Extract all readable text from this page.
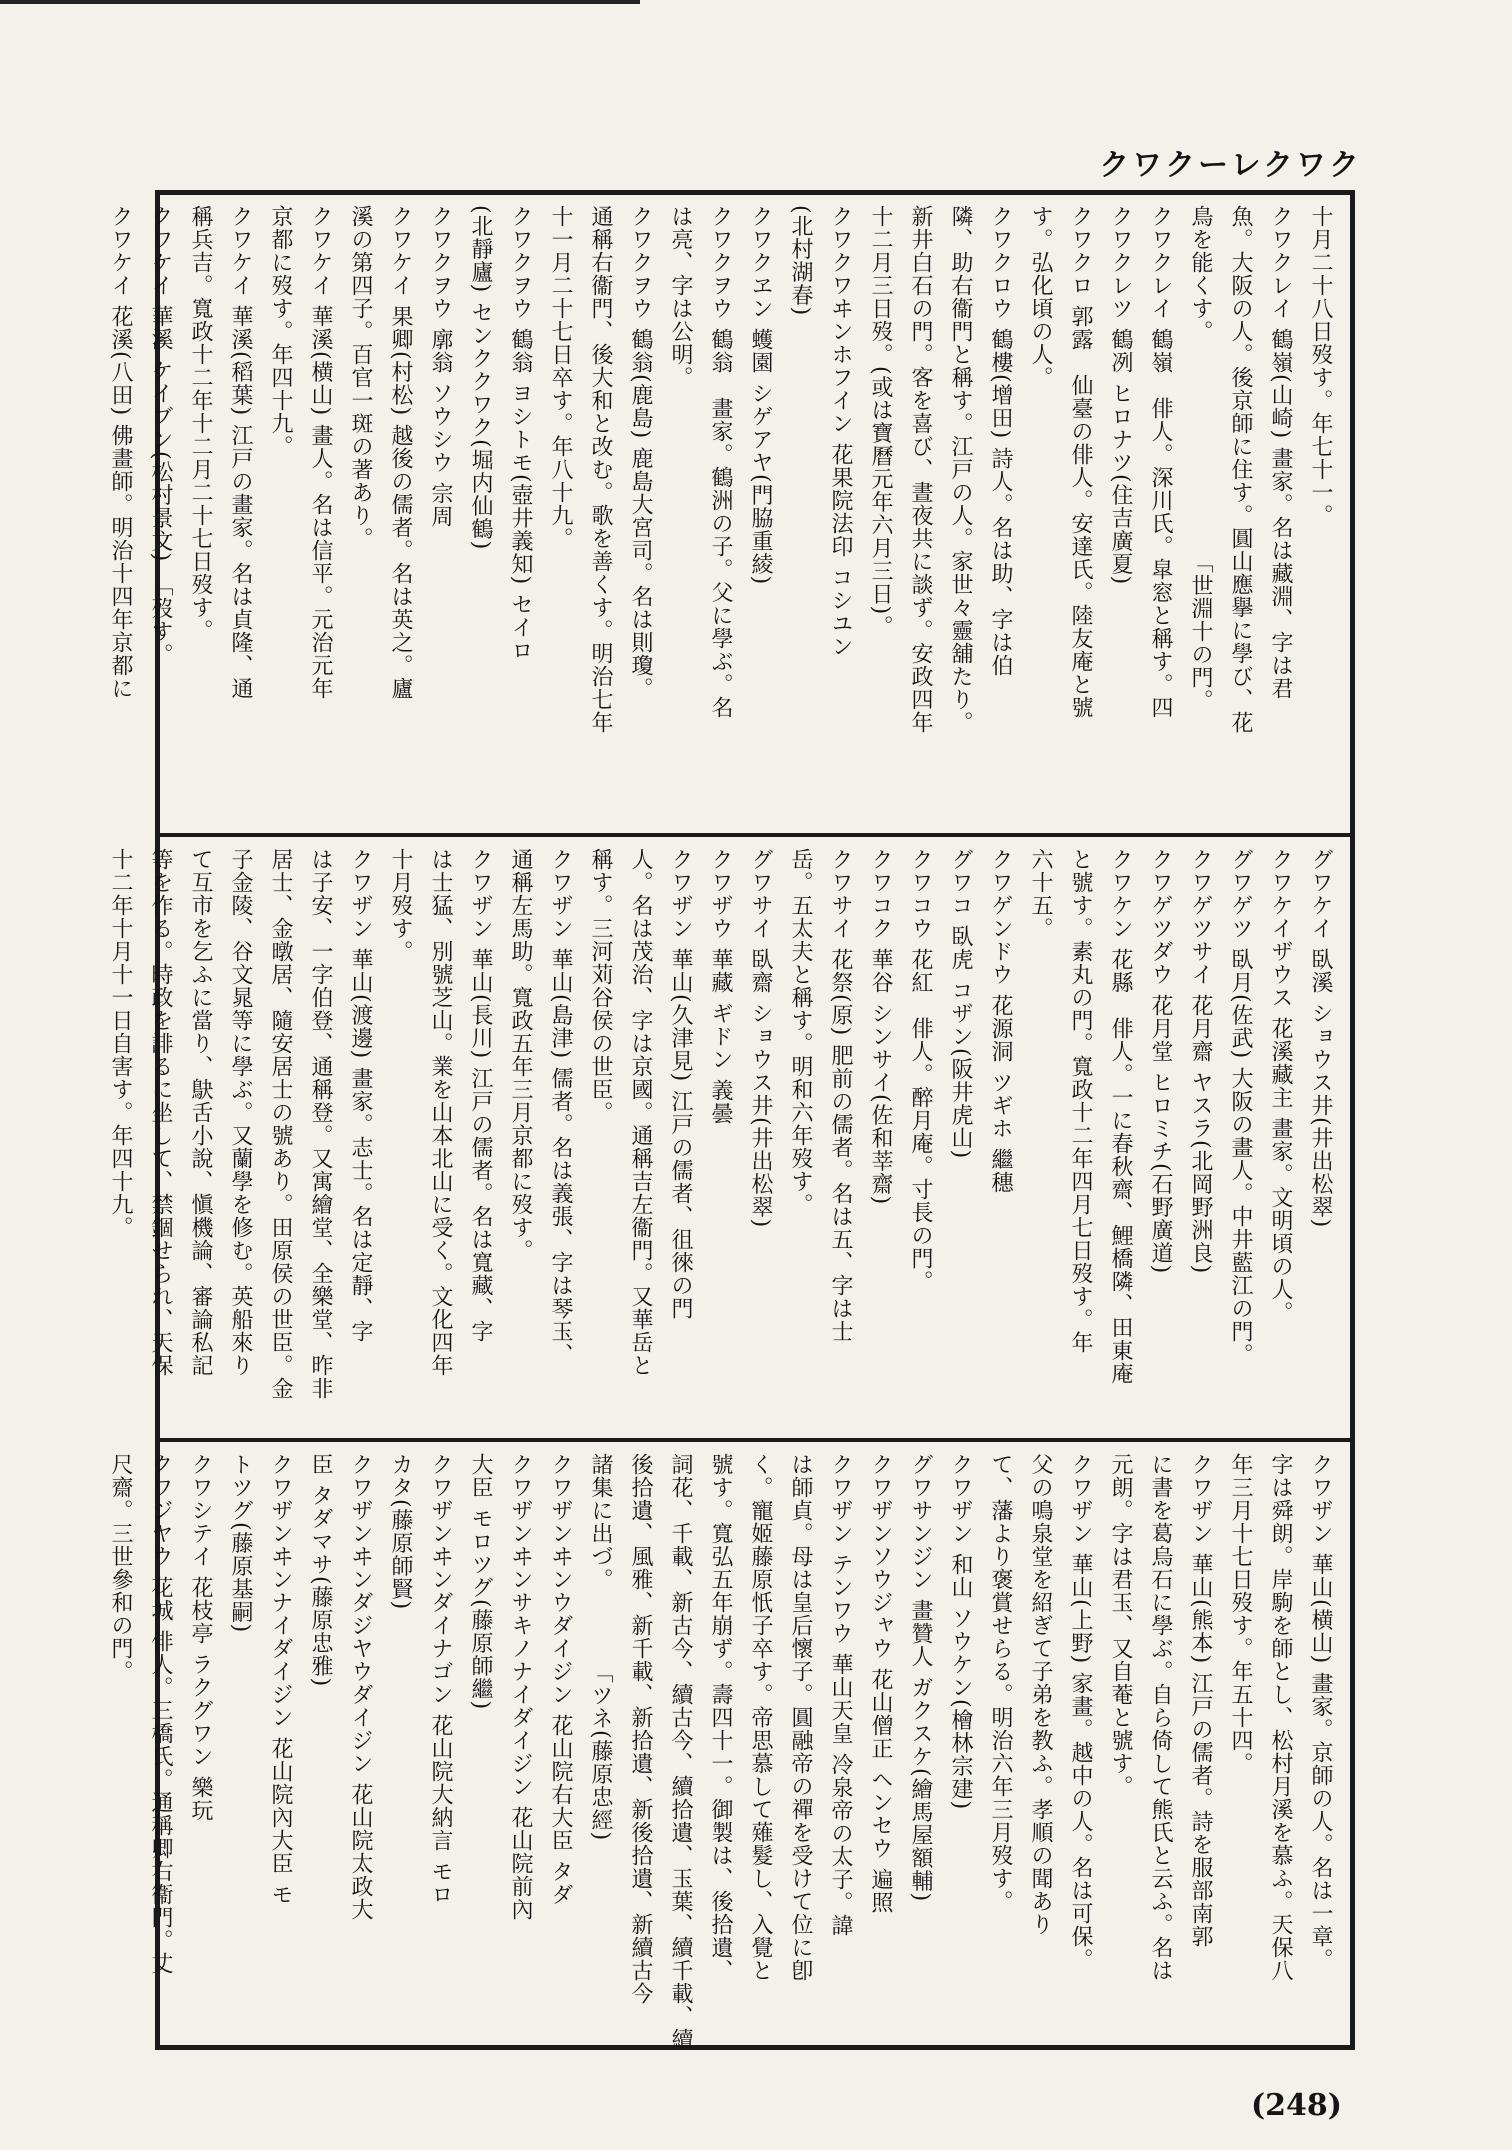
クワクーレクワク
十月二十八日歿す。年七十一。
クワクレイ 鶴嶺(山崎) 畫家。名は藏淵、字は君
魚。大阪の人。後京師に住す。圓山應擧に學び、花
鳥を能くす。　　　　　　　　　　「世淵十の門。
クワクレイ 鶴嶺　俳人。深川氏。皐窓と稱す。四
クワクレツ 鶴冽 ヒロナツ(住吉廣夏)
クワクロ 郭露　仙臺の俳人。安達氏。陸友庵と號
す。弘化頃の人。
クワクロウ 鶴樓(增田) 詩人。名は助、字は伯
隣、助右衞門と稱す。江戸の人。家世々靈舖たり。
新井白石の門。客を喜び、晝夜共に談ず。安政四年
十二月三日歿。(或は寶曆元年六月三日)。
クワクワヰンホフイン 花果院法印 コシユン
(北村湖春)
クワクヱン 蠖園 シゲアヤ(門脇重綾)
クワクヲウ 鶴翁　畫家。鶴洲の子。父に學ぶ。名
は亮、字は公明。
クワクヲウ 鶴翁(鹿島) 鹿島大宮司。名は則瓊。
通稱右衞門、後大和と改む。歌を善くす。明治七年
十一月二十七日卒す。年八十九。
クワクヲウ 鶴翁 ヨシトモ(壺井義知) セイロ
(北靜廬) センククワク(堀内仙鶴)
クワクヲウ 廓翁 ソウシウ 宗周
クワケイ 果卿(村松) 越後の儒者。名は英之。廬
溪の第四子。百官一斑の著あり。
クワケイ 華溪(横山) 畫人。名は信平。元治元年
京都に歿す。年四十九。
クワケイ 華溪(稻葉) 江戸の畫家。名は貞隆、通
稱兵吉。寬政十二年十二月二十七日歿す。
クワケイ 華溪 ケイブン(松村景文)　「歿す。
クワケイ 花溪(八田) 佛畫師。明治十四年京都に
グワケイ 臥溪 ショウス井(井出松翠)
クワケイザウス 花溪藏主 畫家。文明頃の人。
グワゲツ 臥月(佐武) 大阪の畫人。中井藍江の門。
クワゲツサイ 花月齋 ヤスラ(北岡野洲良)
クワゲツダウ 花月堂 ヒロミチ(石野廣道)
クワケン 花縣　俳人。一に春秋齋、鯉橋隣、田東庵
と號す。素丸の門。寬政十二年四月七日歿す。年
六十五。
クワゲンドウ 花源洞 ツギホ 繼穗
グワコ 臥虎 コザン(阪井虎山)
クワコウ 花紅　俳人。醉月庵。寸長の門。
クワコク 華谷 シンサイ(佐和莘齋)
クワサイ 花祭(原) 肥前の儒者。名は五、字は士
岳。五太夫と稱す。明和六年歿す。
グワサイ 臥齋 ショウス井(井出松翠)
クワザウ 華藏 ギドン 義曇
クワザン 華山(久津見) 江戸の儒者、徂徠の門
人。名は茂治、字は京國。通稱吉左衞門。又華岳と
稱す。三河苅谷侯の世臣。
クワザン 華山(島津) 儒者。名は義張、字は琴玉、
通稱左馬助。寬政五年三月京都に歿す。
クワザン 華山(長川) 江戸の儒者。名は寬藏、字
は士猛、別號芝山。業を山本北山に受く。文化四年
十月歿す。
クワザン 華山(渡邊) 畫家。志士。名は定靜、字
は子安、一字伯登、通稱登。又寓繪堂、全樂堂、昨非
居士、金暾居、隨安居士の號あり。田原侯の世臣。金
子金陵、谷文晁等に學ぶ。又蘭學を修む。英船來り
て互市を乞ふに當り、鴃舌小說、愼機論、審論私記
等を作る。時政を誹るに坐して、禁錮せられ、天保
十二年十月十一日自害す。年四十九。
クワザン 華山(横山) 畫家。京師の人。名は一章。
字は舜朗。岸駒を師とし、松村月溪を慕ふ。天保八
年三月十七日歿す。年五十四。
クワザン 華山(熊本) 江戸の儒者。詩を服部南郭
に書を葛烏石に學ぶ。自ら倚して熊氏と云ふ。名は
元朗。字は君玉、又自菴と號す。
クワザン 華山(上野) 家畫。越中の人。名は可保。
父の鳴泉堂を紹ぎて子弟を教ふ。孝順の聞あり
て、藩より褒賞せらる。明治六年三月歿す。
クワザン 和山 ソウケン(檜林宗建)
グワサンジン 畫贊人 ガクスケ(繪馬屋額輔)
クワザンソウジャウ 花山僧正 ヘンセウ 遍照
クワザン テンワウ 華山天皇 冷泉帝の太子。諱
は師貞。母は皇后懷子。圓融帝の禪を受けて位に卽
く。寵姬藤原忯子卒す。帝思慕して薙髮し、入覺と
號す。寬弘五年崩ず。壽四十一。御製は、後拾遺、
詞花、千載、新古今、續古今、續拾遺、玉葉、續千載、續
後拾遺、風雅、新千載、新拾遺、新後拾遺、新續古今
諸集に出づ。　　　　「ツネ(藤原忠經)
クワザンヰンウダイジン 花山院右大臣 タダ
クワザンヰンサキノナイダイジン 花山院前內
大臣 モロツグ(藤原師繼)
クワザンヰンダイナゴン 花山院大納言 モロ
カタ(藤原師賢)
クワザンヰンダジヤウダイジン 花山院太政大
臣 タダマサ(藤原忠雅)
クワザンヰンナイダイジン 花山院內大臣 モ
トツグ(藤原基嗣)
クワシテイ 花枝亭 ラクグワン 樂玩
クワジヤウ 花城 俳人。三橋氏。通稱卿右衞門。丈
尺齋。三世參和の門。
(248)
